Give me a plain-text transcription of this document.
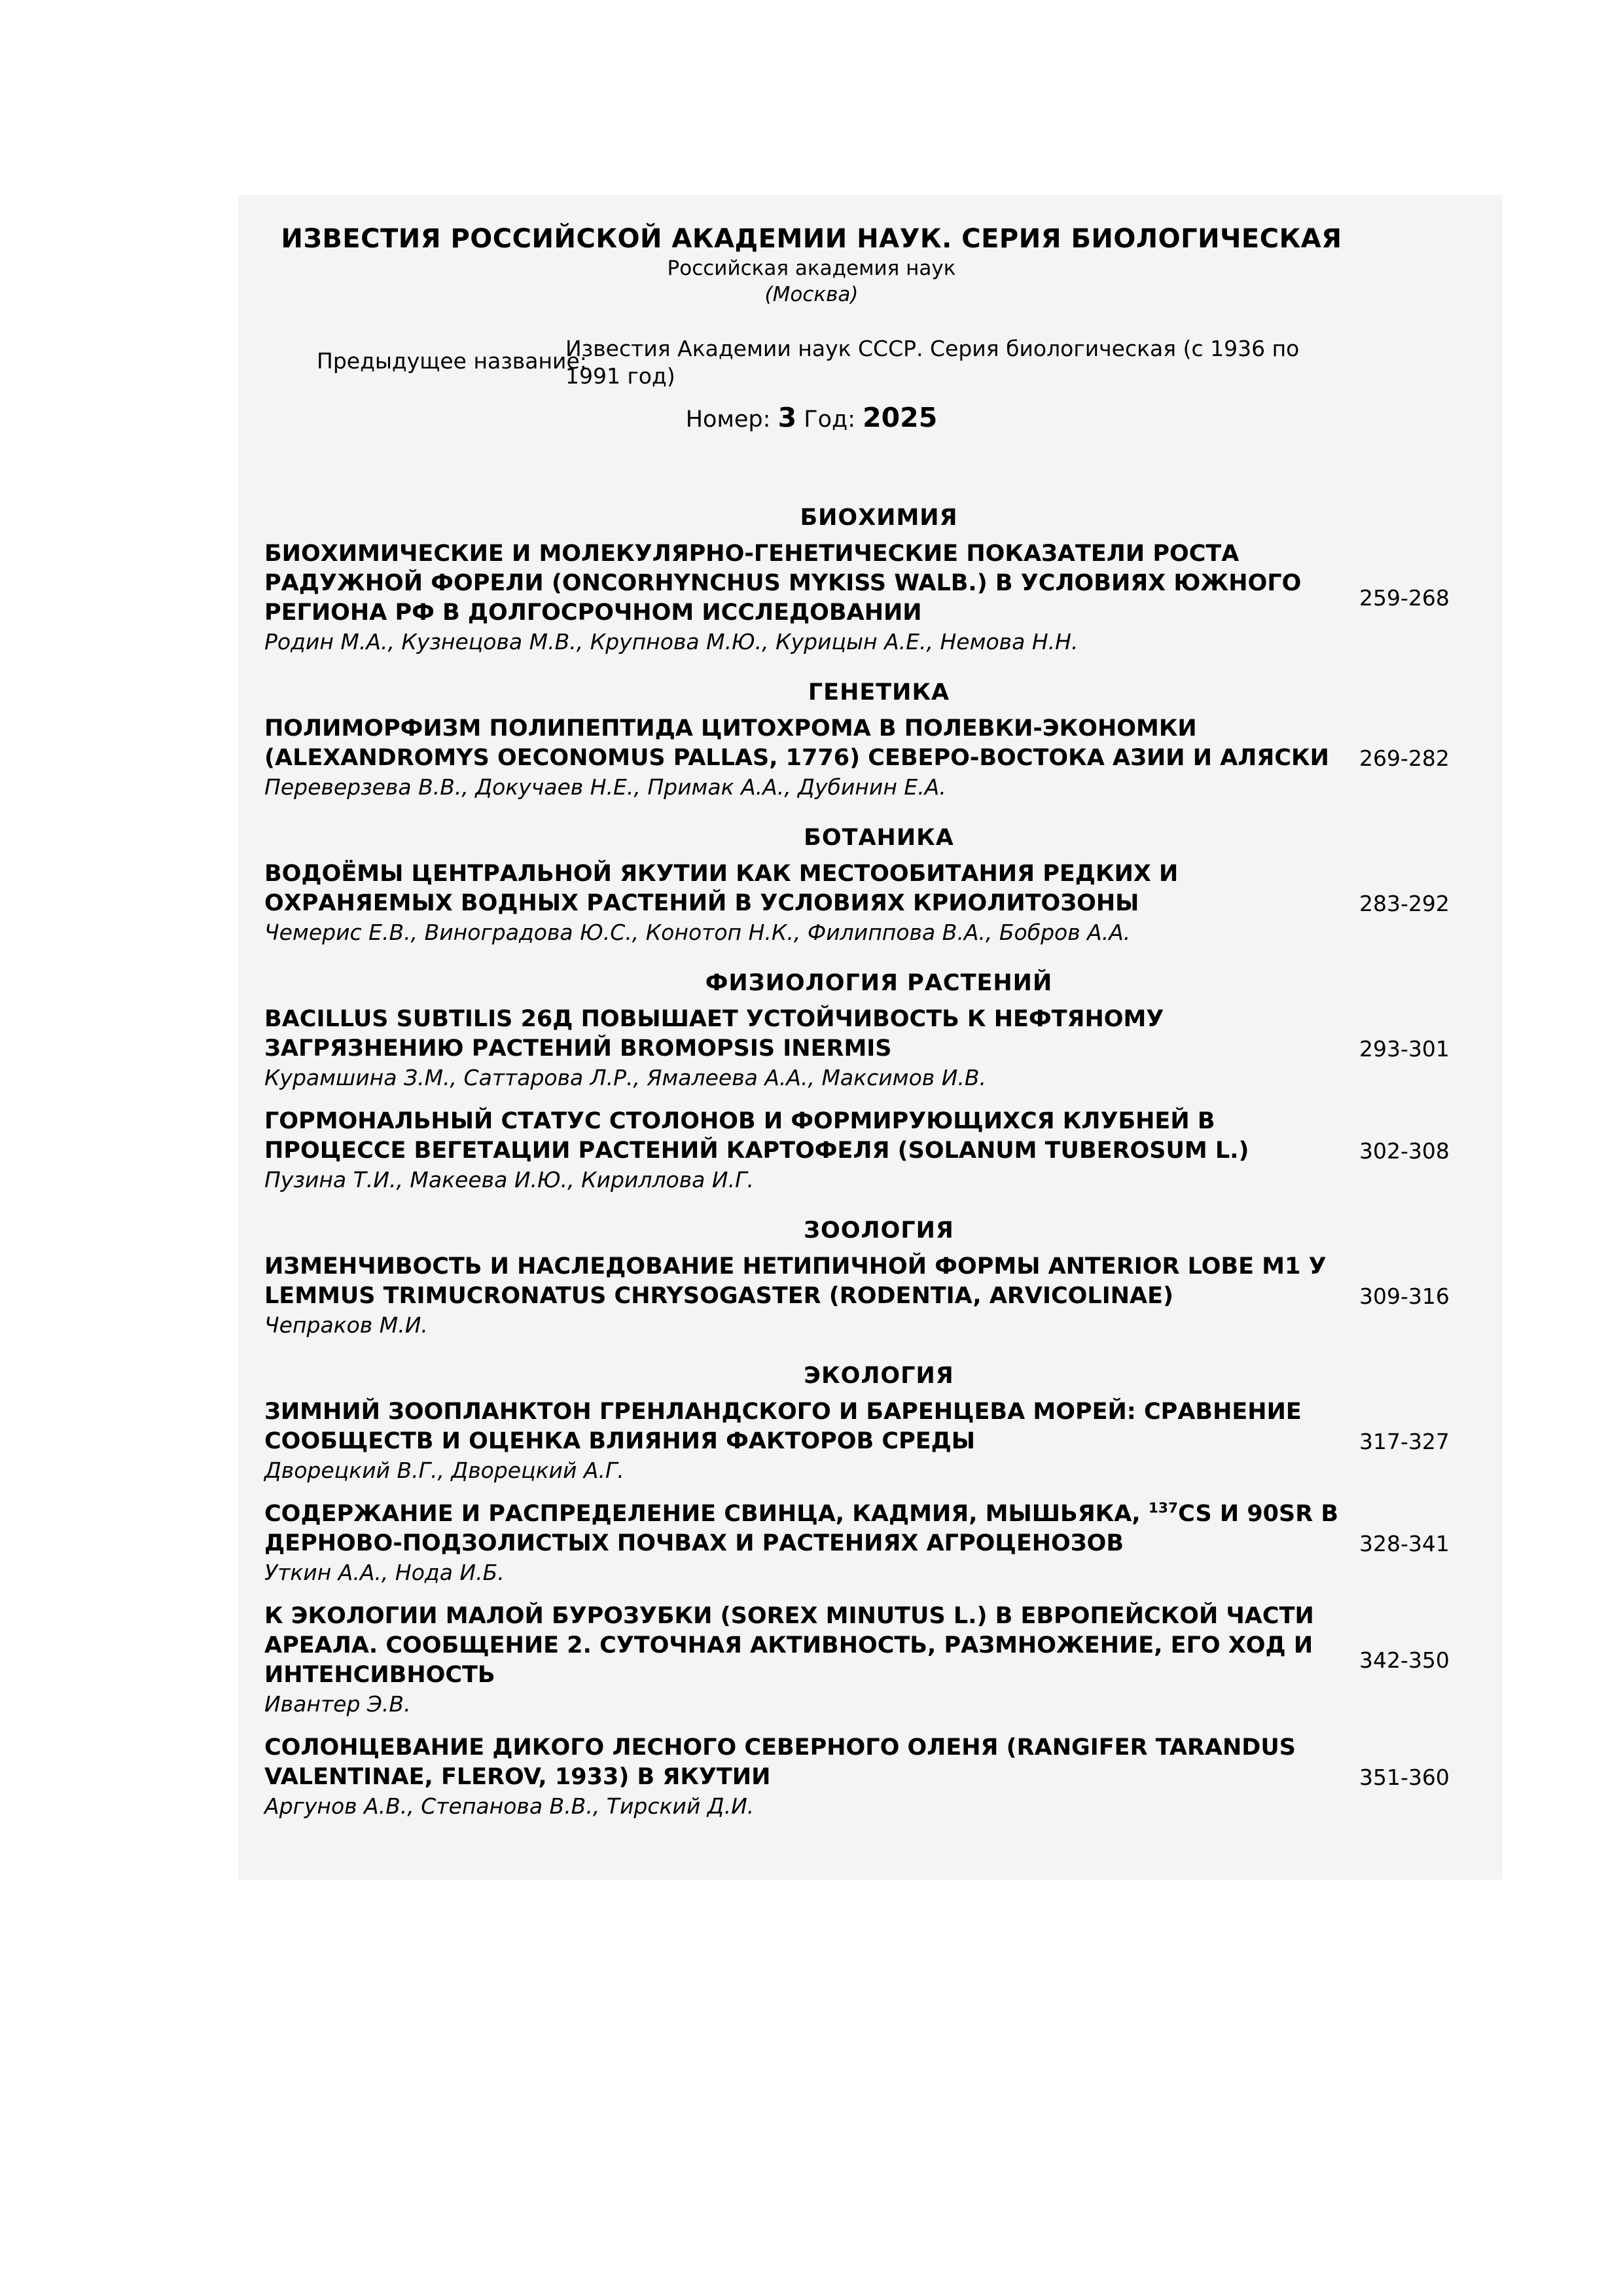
ИЗВЕСТИЯ РОССИЙСКОЙ АКАДЕМИИ НАУК. СЕРИЯ БИОЛОГИЧЕСКАЯ
Российская академия наук
(Москва)
Предыдущее название:
Известия Академии наук СССР. Серия биологическая (с 1936 по 1991 год)
Номер: 3 Год: 2025
БИОХИМИЯ
БИОХИМИЧЕСКИЕ И МОЛЕКУЛЯРНО-ГЕНЕТИЧЕСКИЕ ПОКАЗАТЕЛИ РОСТА РАДУЖНОЙ ФОРЕЛИ (ONCORHYNCHUS MYKISS WALB.) В УСЛОВИЯХ ЮЖНОГО РЕГИОНА РФ В ДОЛГОСРОЧНОМ ИССЛЕДОВАНИИ
Родин М.А., Кузнецова М.В., Крупнова М.Ю., Курицын А.Е., Немова Н.Н.
259-268
ГЕНЕТИКА
ПОЛИМОРФИЗМ ПОЛИПЕПТИДА ЦИТОХРОМА В ПОЛЕВКИ-ЭКОНОМКИ (ALEXANDROMYS OECONOMUS PALLAS, 1776) СЕВЕРО-ВОСТОКА АЗИИ И АЛЯСКИ
Переверзева В.В., Докучаев Н.Е., Примак А.А., Дубинин Е.А.
269-282
БОТАНИКА
ВОДОЁМЫ ЦЕНТРАЛЬНОЙ ЯКУТИИ КАК МЕСТООБИТАНИЯ РЕДКИХ И ОХРАНЯЕМЫХ ВОДНЫХ РАСТЕНИЙ В УСЛОВИЯХ КРИОЛИТОЗОНЫ
Чемерис Е.В., Виноградова Ю.С., Конотоп Н.К., Филиппова В.А., Бобров А.А.
283-292
ФИЗИОЛОГИЯ РАСТЕНИЙ
BACILLUS SUBTILIS 26Д ПОВЫШАЕТ УСТОЙЧИВОСТЬ К НЕФТЯНОМУ ЗАГРЯЗНЕНИЮ РАСТЕНИЙ BROMOPSIS INERMIS
Курамшина З.М., Саттарова Л.Р., Ямалеева А.А., Максимов И.В.
293-301
ГОРМОНАЛЬНЫЙ СТАТУС СТОЛОНОВ И ФОРМИРУЮЩИХСЯ КЛУБНЕЙ В ПРОЦЕССЕ ВЕГЕТАЦИИ РАСТЕНИЙ КАРТОФЕЛЯ (SOLANUM TUBEROSUM L.)
Пузина Т.И., Макеева И.Ю., Кириллова И.Г.
302-308
ЗООЛОГИЯ
ИЗМЕНЧИВОСТЬ И НАСЛЕДОВАНИЕ НЕТИПИЧНОЙ ФОРМЫ ANTERIOR LOBE M1 У LEMMUS TRIMUCRONATUS CHRYSOGASTER (RODENTIA, ARVICOLINAE)
Чепраков М.И.
309-316
ЭКОЛОГИЯ
ЗИМНИЙ ЗООПЛАНКТОН ГРЕНЛАНДСКОГО И БАРЕНЦЕВА МОРЕЙ: СРАВНЕНИЕ СООБЩЕСТВ И ОЦЕНКА ВЛИЯНИЯ ФАКТОРОВ СРЕДЫ
Дворецкий В.Г., Дворецкий А.Г.
317-327
СОДЕРЖАНИЕ И РАСПРЕДЕЛЕНИЕ СВИНЦА, КАДМИЯ, МЫШЬЯКА, $^{137}$CS И 90SR В ДЕРНОВО-ПОДЗОЛИСТЫХ ПОЧВАХ И РАСТЕНИЯХ АГРОЦЕНОЗОВ
Уткин А.А., Нода И.Б.
328-341
К ЭКОЛОГИИ МАЛОЙ БУРОЗУБКИ (SOREX MINUTUS L.) В ЕВРОПЕЙСКОЙ ЧАСТИ АРЕАЛА. СООБЩЕНИЕ 2. СУТОЧНАЯ АКТИВНОСТЬ, РАЗМНОЖЕНИЕ, ЕГО ХОД И ИНТЕНСИВНОСТЬ
Ивантер Э.В.
342-350
СОЛОНЦЕВАНИЕ ДИКОГО ЛЕСНОГО СЕВЕРНОГО ОЛЕНЯ (RANGIFER TARANDUS VALENTINAE, FLEROV, 1933) В ЯКУТИИ
Аргунов А.В., Степанова В.В., Тирский Д.И.
351-360
